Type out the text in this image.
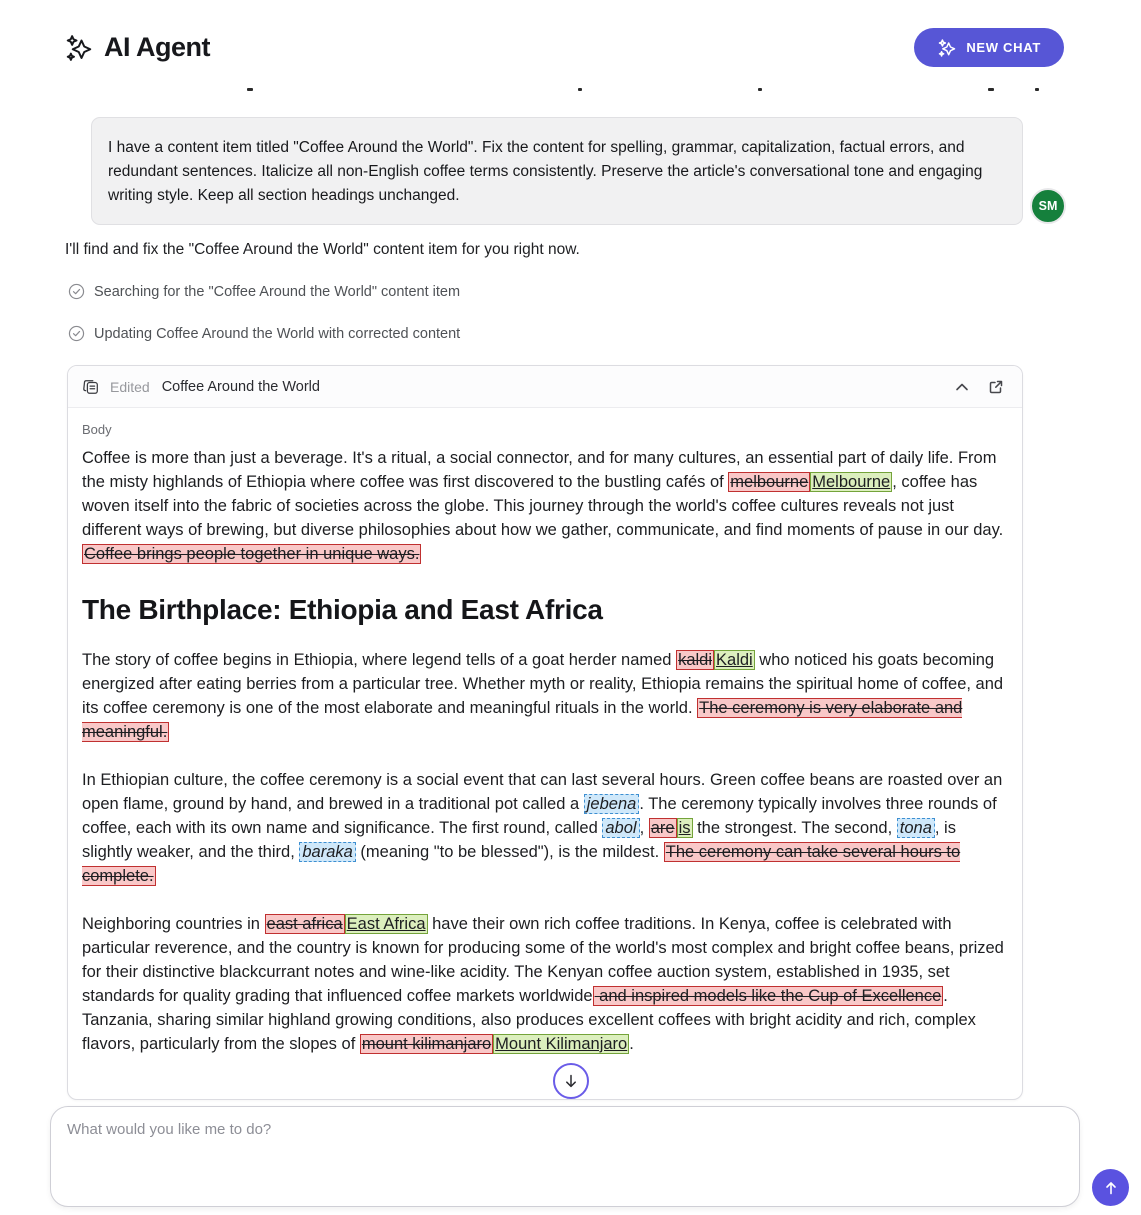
AI Agent	NEW CHAT
I have a content item titled "Coffee Around the World". Fix the content for spelling, grammar, capitalization, factual errors, and redundant sentences. Italicize all non-English coffee terms consistently. Preserve the article's conversational tone and engaging writing style. Keep all section headings unchanged.
SM
I'll find and fix the "Coffee Around the World" content item for you right now.
Searching for the "Coffee Around the World" content item
Updating Coffee Around the World with corrected content
Edited Coffee Around the World
Body

Coffee is more than just a beverage. It's a ritual, a social connector, and for many cultures, an essential part of daily life. From the misty highlands of Ethiopia where coffee was first discovered to the bustling cafés of melbourne Melbourne , coffee has woven itself into the fabric of societies across the globe. This journey through the world's coffee cultures reveals not just different ways of brewing, but diverse philosophies about how we gather, communicate, and find moments of pause in our day. Coffee brings people together in unique ways.

The Birthplace: Ethiopia and East Africa

The story of coffee begins in Ethiopia, where legend tells of a goat herder named kaldi Kaldi who noticed his goats becoming energized after eating berries from a particular tree. Whether myth or reality, Ethiopia remains the spiritual home of coffee, and its coffee ceremony is one of the most elaborate and meaningful rituals in the world. The ceremony is very elaborate and meaningful.

In Ethiopian culture, the coffee ceremony is a social event that can last several hours. Green coffee beans are roasted over an open flame, ground by hand, and brewed in a traditional pot called a jebena . The ceremony typically involves three rounds of coffee, each with its own name and significance. The first round, called abol , are is the strongest. The second, tona , is slightly weaker, and the third, baraka (meaning "to be blessed"), is the mildest. The ceremony can take several hours to complete.

Neighboring countries in east africa East Africa have their own rich coffee traditions. In Kenya, coffee is celebrated with particular reverence, and the country is known for producing some of the world's most complex and bright coffee beans, prized for their distinctive blackcurrant notes and wine-like acidity. The Kenyan coffee auction system, established in 1935, set standards for quality grading that influenced coffee markets worldwide and inspired models like the Cup of Excellence . Tanzania, sharing similar highland growing conditions, also produces excellent coffees with bright acidity and rich, complex flavors, particularly from the slopes of mount kilimanjaro Mount Kilimanjaro .

What would you like me to do?
